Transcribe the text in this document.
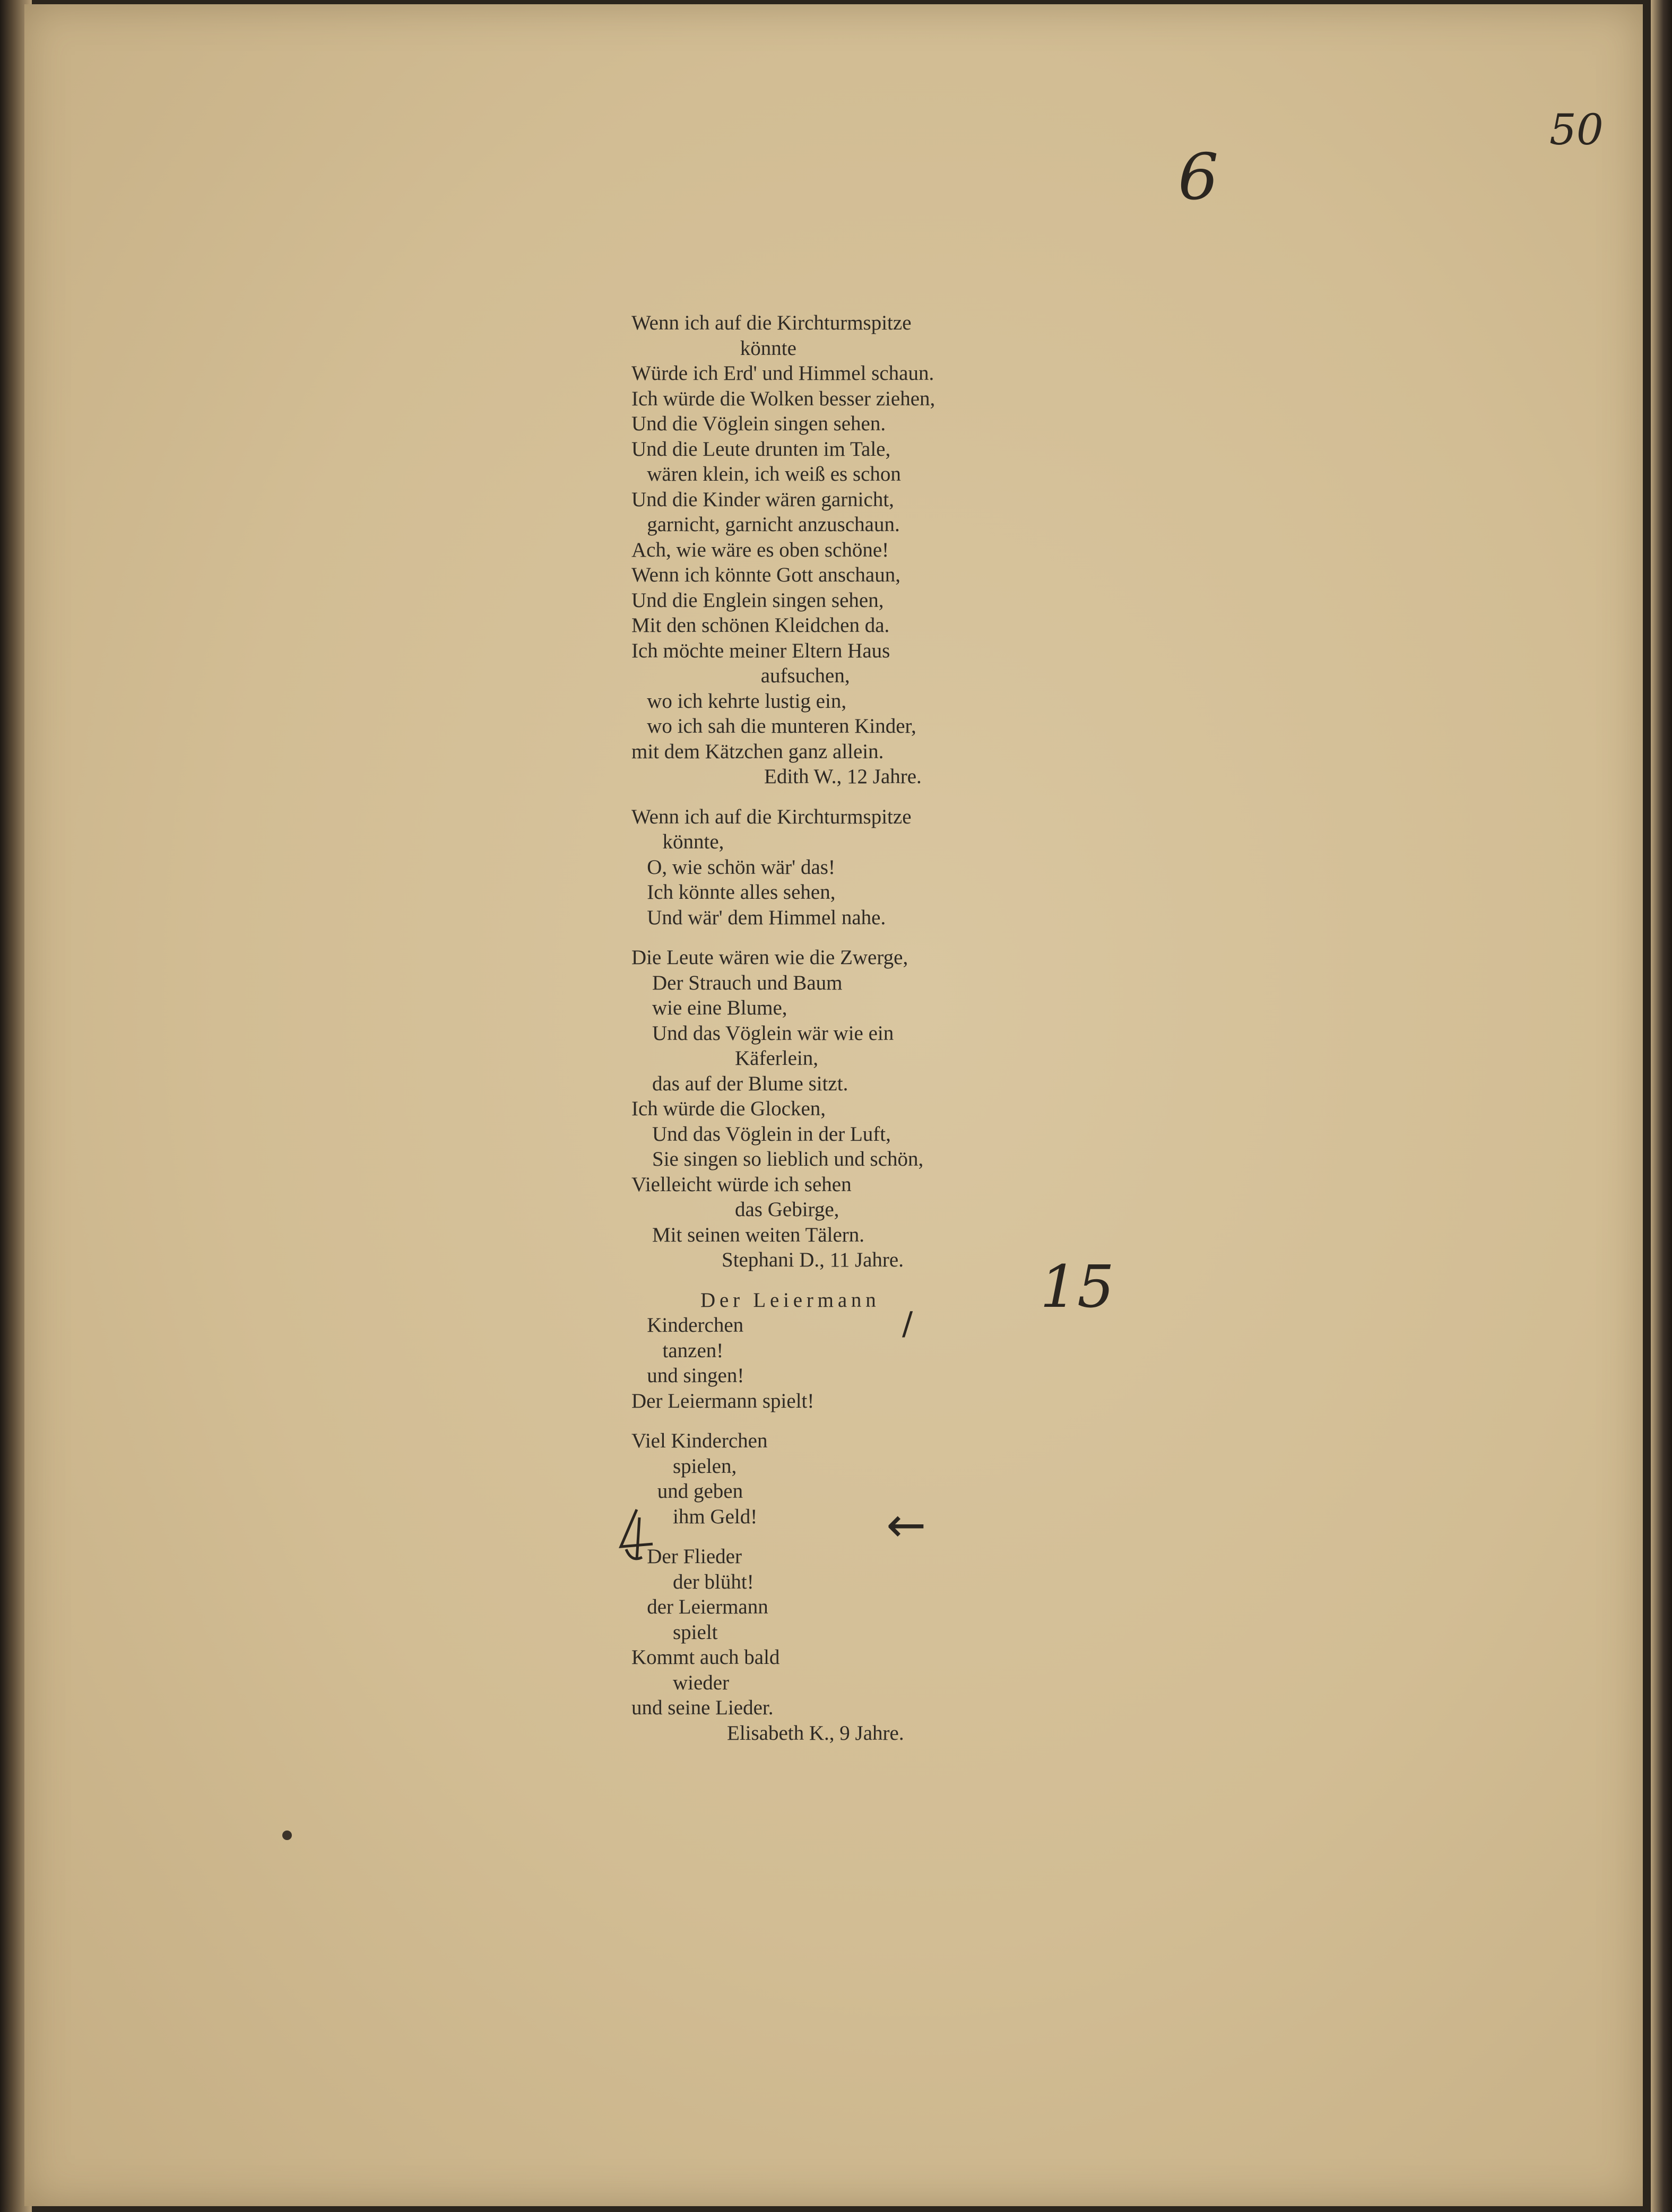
50
6
15
←
/
Wenn ich auf die Kirchturmspitze
könnte
Würde ich Erd' und Himmel schaun.
Ich würde die Wolken besser ziehen,
Und die Vöglein singen sehen.
Und die Leute drunten im Tale,
wären klein, ich weiß es schon
Und die Kinder wären garnicht,
garnicht, garnicht anzuschaun.
Ach, wie wäre es oben schöne!
Wenn ich könnte Gott anschaun,
Und die Englein singen sehen,
Mit den schönen Kleidchen da.
Ich möchte meiner Eltern Haus
aufsuchen,
wo ich kehrte lustig ein,
wo ich sah die munteren Kinder,
mit dem Kätzchen ganz allein.
Edith W., 12 Jahre.
Wenn ich auf die Kirchturmspitze
könnte,
O, wie schön wär' das!
Ich könnte alles sehen,
Und wär' dem Himmel nahe.
Die Leute wären wie die Zwerge,
Der Strauch und Baum
wie eine Blume,
Und das Vöglein wär wie ein
Käferlein,
das auf der Blume sitzt.
Ich würde die Glocken,
Und das Vöglein in der Luft,
Sie singen so lieblich und schön,
Vielleicht würde ich sehen
das Gebirge,
Mit seinen weiten Tälern.
Stephani D., 11 Jahre.
Der Leiermann
Kinderchen
tanzen!
und singen!
Der Leiermann spielt!
Viel Kinderchen
spielen,
und geben
ihm Geld!
Der Flieder
der blüht!
der Leiermann
spielt
Kommt auch bald
wieder
und seine Lieder.
Elisabeth K., 9 Jahre.
